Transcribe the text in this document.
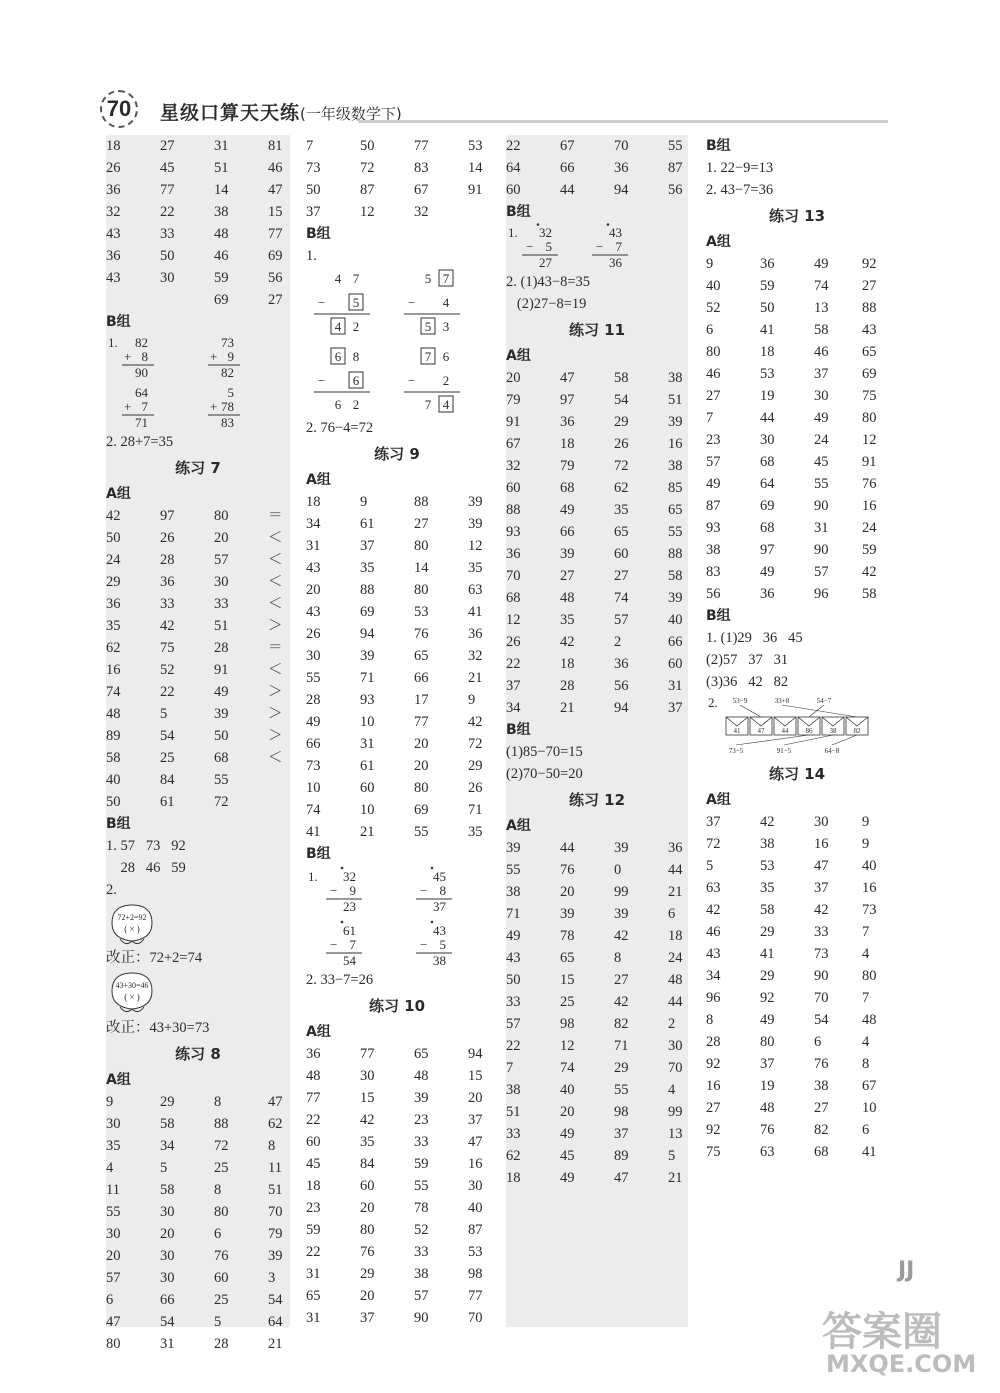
70	星级口算天天练(一年级数学下)
18	27	31	81
26	45	51	46
36	77	14	47
32	22	38	15
43	33	48	77
36	50	46	69
43	30	59	56
69	27
B组
1. 82
+ 8
90
73
+ 9
82
64
+ 7
71
5
+ 78
83
2. 28+7=35
练习 7
A组
42	97	80	＝
50	26	20	＜
24	28	57	＜
29	36	30	＜
36	33	33	＜
35	42	51	＞
62	75	28	＝
16	52	91	＜
74	22	49	＞
48	5	39	＞
89	54	50	＞
58	25	68	＜
40	84	55
50	61	72
B组
1. 57   73   92
28   46   59
2.
72+2=92
( × )
改正：72+2=74
43+30=46
( × )
改正：43+30=73
练习 8
A组
9	29	8	47
30	58	88	62
35	34	72	8
4	5	25	11
11	58	8	51
55	30	80	70
30	20	6	79
20	30	76	39
57	30	60	3
6	66	25	54
47	54	5	64
80	31	28	21
7	50	77	53
73	72	83	14
50	87	67	91
37	12	32
B组
1.
−
4 7
5
4 2
−
5 7
4
5 3
−
6 8
6
6 2
−
7 6
2
7 4
2. 76−4=72
练习 9
A组
18	9	88	39
34	61	27	39
31	37	80	12
43	35	14	35
20	88	80	63
43	69	53	41
26	94	76	36
30	39	65	32
55	71	66	21
28	93	17	9
49	10	77	42
66	31	20	72
73	61	20	29
10	60	80	26
74	10	69	71
41	21	55	35
B组
1. 32
− 9
23
45
− 8
37
61
− 7
54
43
− 5
38
2. 33−7=26
练习 10
A组
36	77	65	94
48	30	48	15
77	15	39	20
22	42	23	37
60	35	33	47
45	84	59	16
18	60	55	30
23	20	78	40
59	80	52	87
22	76	33	53
31	29	38	98
65	20	57	77
31	37	90	70
22	67	70	55
64	66	36	87
60	44	94	56
B组
1. 32
− 5
27
43
− 7
36
2. (1)43−8=35
(2)27−8=19
练习 11
A组
20	47	58	38
79	97	54	51
91	36	29	39
67	18	26	16
32	79	72	38
60	68	62	85
88	49	35	65
93	66	65	55
36	39	60	88
70	27	27	58
68	48	74	39
12	35	57	40
26	42	2	66
22	18	36	60
37	28	56	31
34	21	94	37
B组
(1)85−70=15
(2)70−50=20
练习 12
A组
39	44	39	36
55	76	0	44
38	20	99	21
71	39	39	6
49	78	42	18
43	65	8	24
50	15	27	48
33	25	42	44
57	98	82	2
22	12	71	30
7	74	29	70
38	40	55	4
51	20	98	99
33	49	37	13
62	45	89	5
18	49	47	21
B组
1. 22−9=13
2. 43−7=36
练习 13
A组
9	36	49 92
40	59	74 27
52	50	13 88
6	41	58 43
80	18	46 65
46	53	37 69
27	19	30 75
7	44	49 80
23	30	24 12
57	68	45 91
49	64	55 76
87	69	90 16
93	68	31 24
38	97	90 59
83	49	57 42
56	36	96 58
B组
1. (1)29   36   45
(2)57   37   31
(3)36   42   82
2.
41 47 44 86 38 82
53−9	33+8	54−7
73−5	91−5	64−8
练习 14
A组
37	42	30 9
72	38	16 9
5	53	47 40
63	35	37 16
42	58	42 73
46	29	33 7
43	41	73 4
34	29	90 80
96	92	70 7
8	49	54 48
28	80	6	4
92	37	76 8
16	19	38 67
27	48	27 10
92	76	82 6
75	63	68 41
JJ
答案圈
MXQE.COM
